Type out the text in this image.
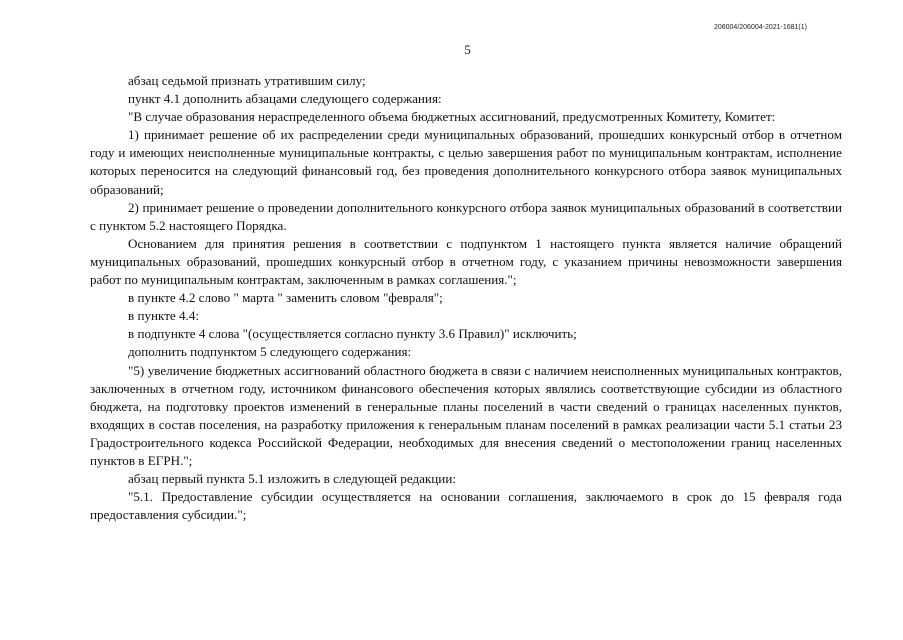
206004/206004-2021-1681(1)
5

абзац седьмой признать утратившим силу;

пункт 4.1 дополнить абзацами следующего содержания:

"В случае образования нераспределенного объема бюджетных ассигнований, предусмотренных Комитету, Комитет:

1) принимает решение об их распределении среди муниципальных образований, прошедших конкурсный отбор в отчетном году и имеющих неисполненные муниципальные контракты, с целью завершения работ по муниципальным контрактам, исполнение которых переносится на следующий финансовый год, без проведения дополнительного конкурсного отбора заявок муниципальных образований;

2) принимает решение о проведении дополнительного конкурсного отбора заявок муниципальных образований в соответствии с пунктом 5.2 настоящего Порядка.

Основанием для принятия решения в соответствии с подпунктом 1 настоящего пункта является наличие обращений муниципальных образований, прошедших конкурсный отбор в отчетном году, с указанием причины невозможности завершения работ по муниципальным контрактам, заключенным в рамках соглашения.";

в пункте 4.2 слово " марта " заменить словом "февраля";

в пункте 4.4:

в подпункте 4 слова "(осуществляется согласно пункту 3.6 Правил)" исключить;

дополнить подпунктом 5 следующего содержания:

"5) увеличение бюджетных ассигнований областного бюджета в связи с наличием неисполненных муниципальных контрактов, заключенных в отчетном году, источником финансового обеспечения которых являлись соответствующие субсидии из областного бюджета, на подготовку проектов изменений в генеральные планы поселений в части сведений о границах населенных пунктов, входящих в состав поселения, на разработку приложения к генеральным планам поселений в рамках реализации части 5.1 статьи 23 Градостроительного кодекса Российской Федерации, необходимых для внесения сведений о местоположении границ населенных пунктов в ЕГРН.";

абзац первый пункта 5.1 изложить в следующей редакции:

"5.1. Предоставление субсидии осуществляется на основании соглашения, заключаемого в срок до 15 февраля года предоставления субсидии.";
